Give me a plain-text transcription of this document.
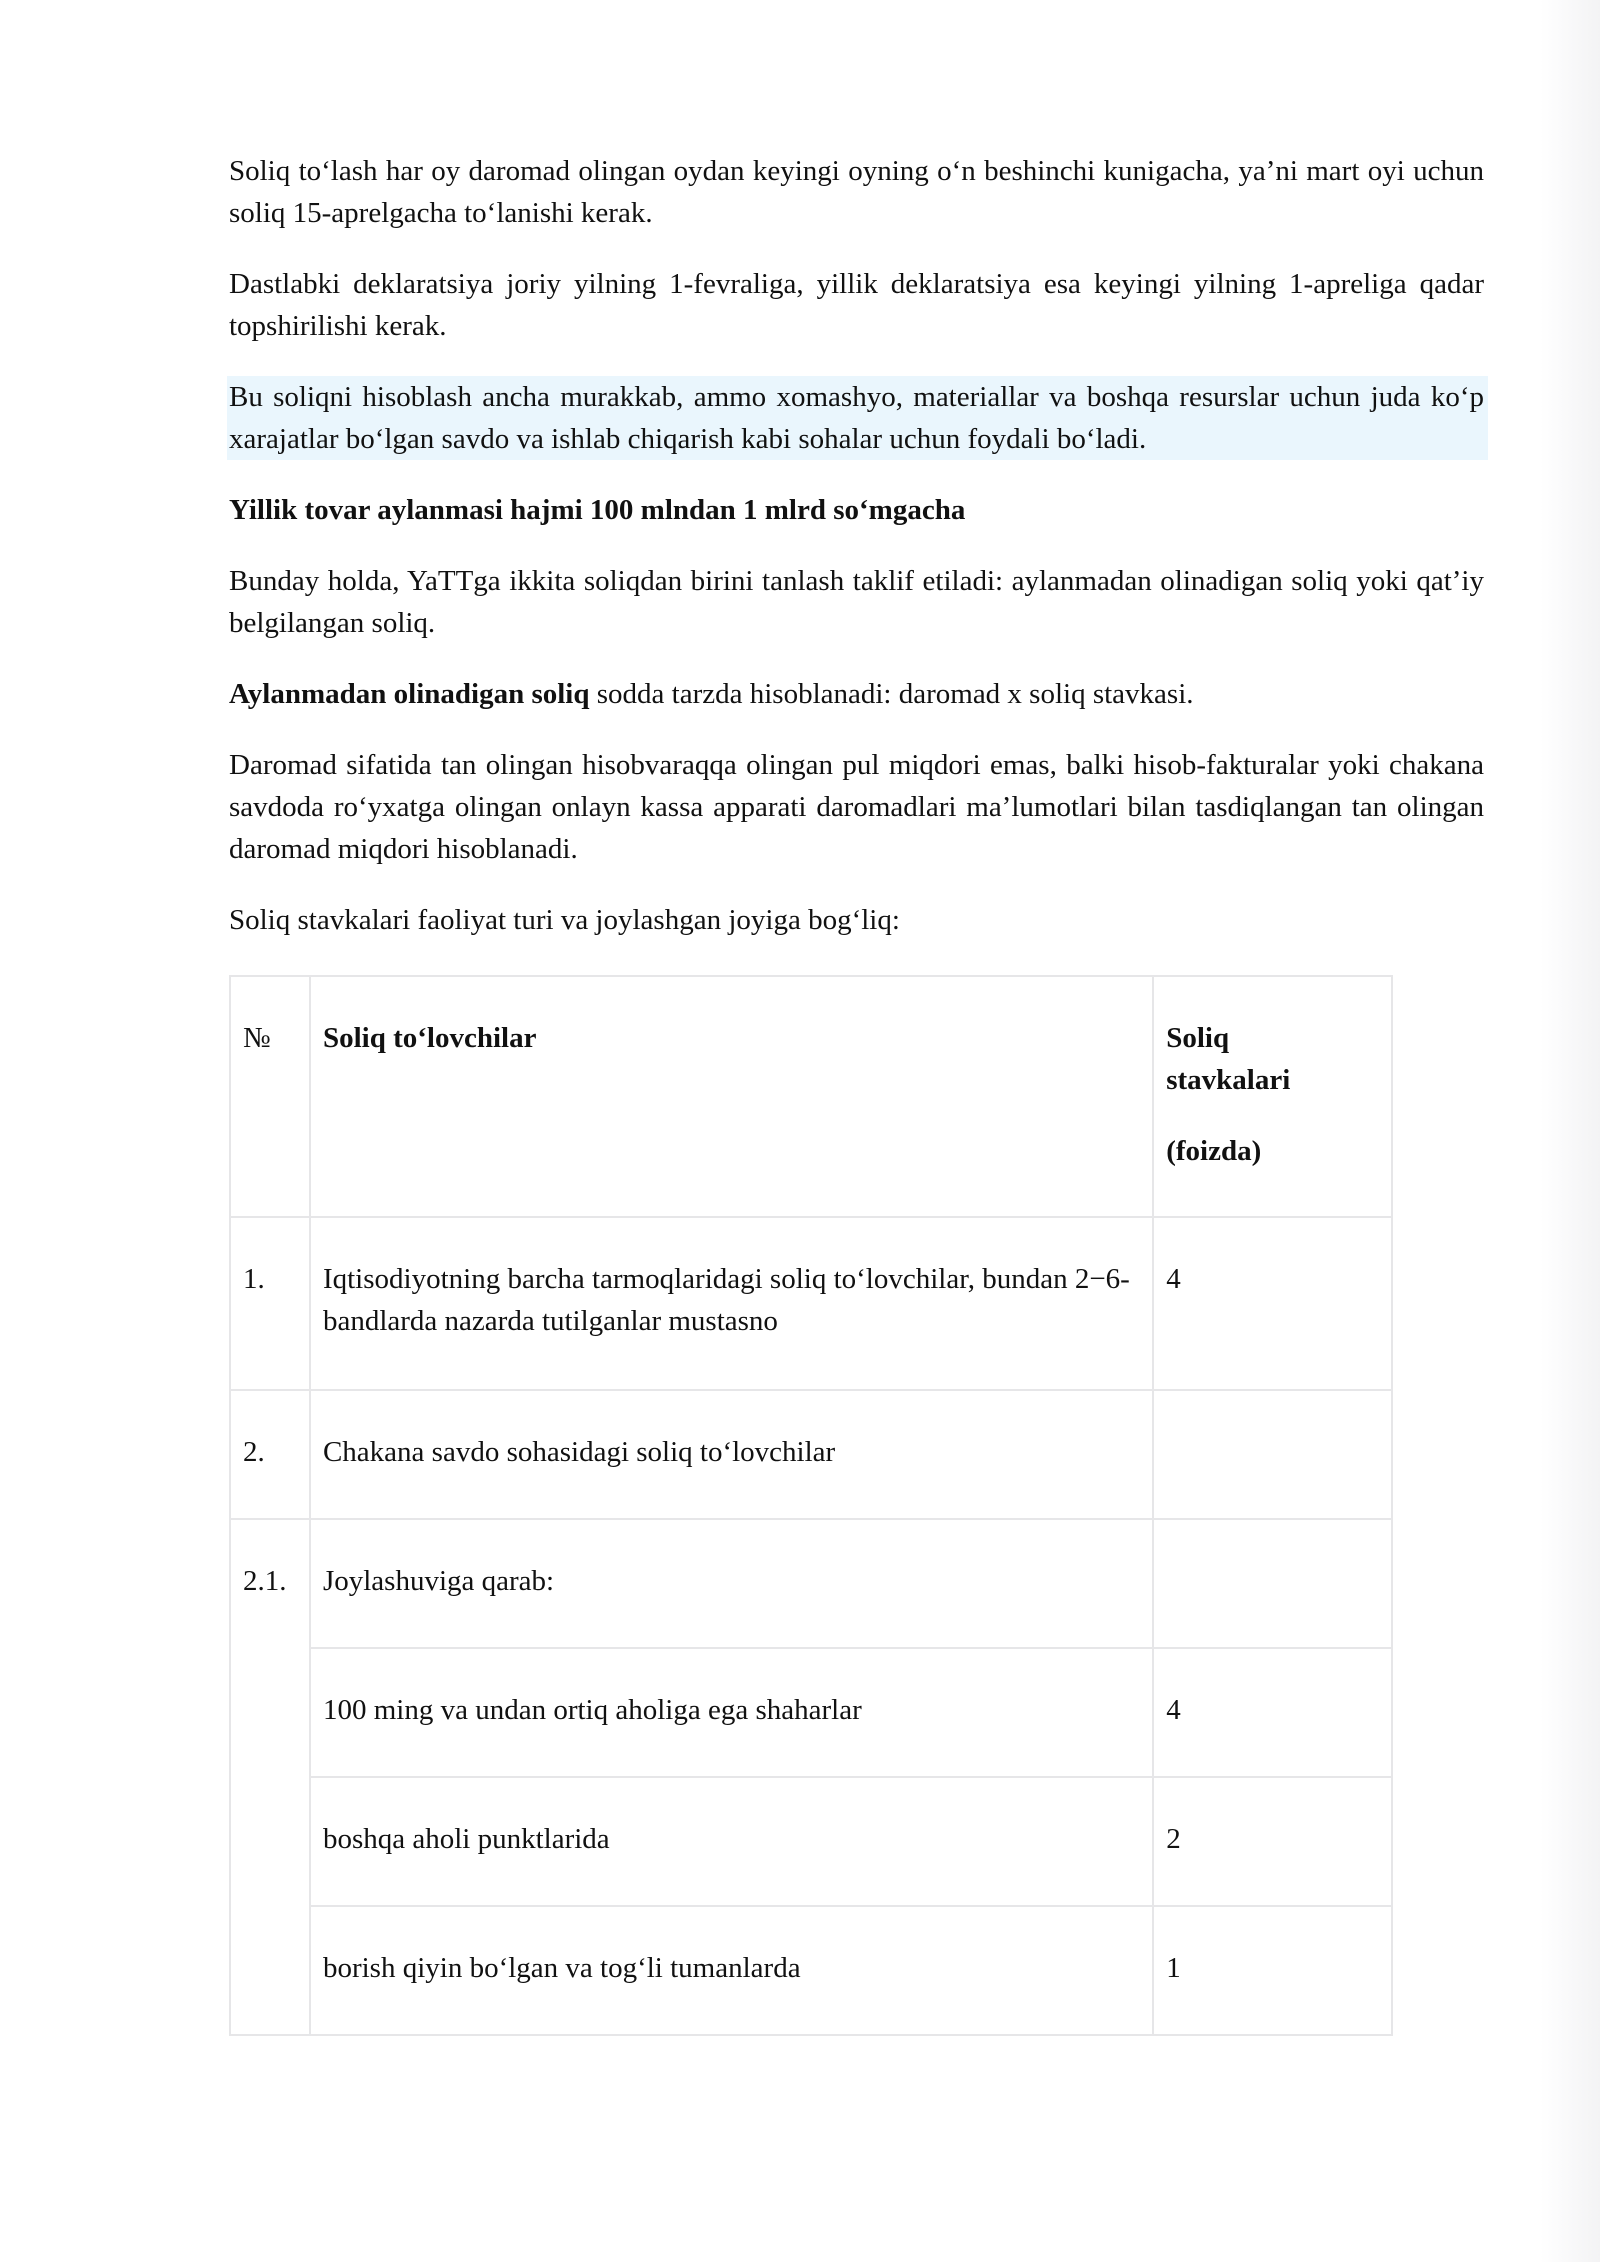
Soliq to‘lash har oy daromad olingan oydan keyingi oyning o‘n beshinchi kunigacha, ya’ni mart oyi uchun soliq 15-aprelgacha to‘lanishi kerak.

Dastlabki deklaratsiya joriy yilning 1-fevraliga, yillik deklaratsiya esa keyingi yilning 1-apreliga qadar topshirilishi kerak.

Bu soliqni hisoblash ancha murakkab, ammo xomashyo, materiallar va boshqa resurslar uchun juda ko‘p xarajatlar bo‘lgan savdo va ishlab chiqarish kabi sohalar uchun foydali bo‘ladi.

Yillik tovar aylanmasi hajmi 100 mlndan 1 mlrd so‘mgacha

Bunday holda, YaTTga ikkita soliqdan birini tanlash taklif etiladi: aylanmadan olinadigan soliq yoki qat’iy belgilangan soliq.

Aylanmadan olinadigan soliq sodda tarzda hisoblanadi: daromad x soliq stavkasi.

Daromad sifatida tan olingan hisobvaraqqa olingan pul miqdori emas, balki hisob-fakturalar yoki chakana savdoda ro‘yxatga olingan onlayn kassa apparati daromadlari ma’lumotlari bilan tasdiqlangan tan olingan daromad miqdori hisoblanadi.

Soliq stavkalari faoliyat turi va joylashgan joyiga bog‘liq:

№	Soliq to‘lovchilar	Soliq stavkalari

(foizda)

1.	Iqtisodiyotning barcha tarmoqlaridagi soliq to‘lovchilar, bundan 2−6-bandlarda nazarda tutilganlar mustasno	4
2.	Chakana savdo sohasidagi soliq to‘lovchilar	
2.1.	Joylashuviga qarab:	
	100 ming va undan ortiq aholiga ega shaharlar	4
	boshqa aholi punktlarida	2
	borish qiyin bo‘lgan va tog‘li tumanlarda	1
